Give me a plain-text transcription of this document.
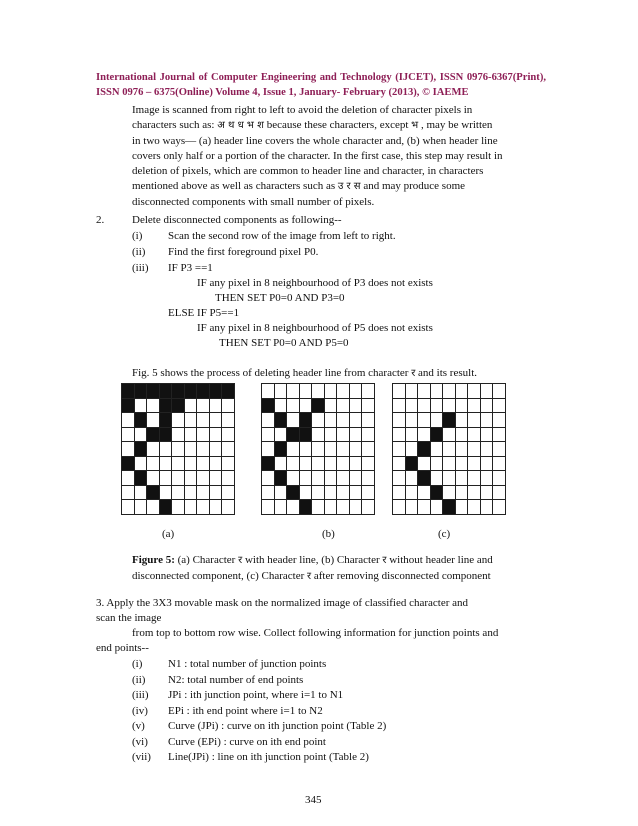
International Journal of Computer Engineering and Technology (IJCET), ISSN 0976-6367(Print), ISSN 0976 – 6375(Online) Volume 4, Issue 1, January- February (2013), © IAEME

Image is scanned from right to left to avoid the deletion of character pixels in

characters such as: अ थ ध भ श because these characters, except भ , may be written

in two ways— (a) header line covers the whole character and, (b) when header line

covers only half or a portion of the character. In the first case, this step may result in

deletion of pixels, which are common to header line and character, in characters

mentioned above as well as characters such as उ र स and may produce some

disconnected components with small number of pixels.

2.	Delete disconnected components as following--
(i) Scan the second row of the image from left to right.
(ii) Find the first foreground pixel P0.
(iii) IF P3 ==1
IF any pixel in 8 neighbourhood of P3 does not exists
THEN SET P0=0 AND P3=0
ELSE IF P5==1
IF any pixel in 8 neighbourhood of P5 does not exists
THEN SET P0=0 AND P5=0
Fig. 5 shows the process of deleting header line from character र and its result.
(a)	(b)	(c)
Figure 5: (a) Character र with header line, (b) Character र without header line and
disconnected component, (c) Character र after removing disconnected component
3. Apply the 3X3 movable mask on the normalized image of classified character and
scan the image
from top to bottom row wise. Collect following information for junction points and
end points--
(i) N1 : total number of junction points
(ii) N2: total number of end points
(iii) JPi : ith junction point, where i=1 to N1
(iv) EPi : ith end point where i=1 to N2
(v) Curve (JPi) : curve on ith junction point (Table 2)
(vi) Curve (EPi) : curve on ith end point
(vii) Line(JPi) : line on ith junction point (Table 2)
345
